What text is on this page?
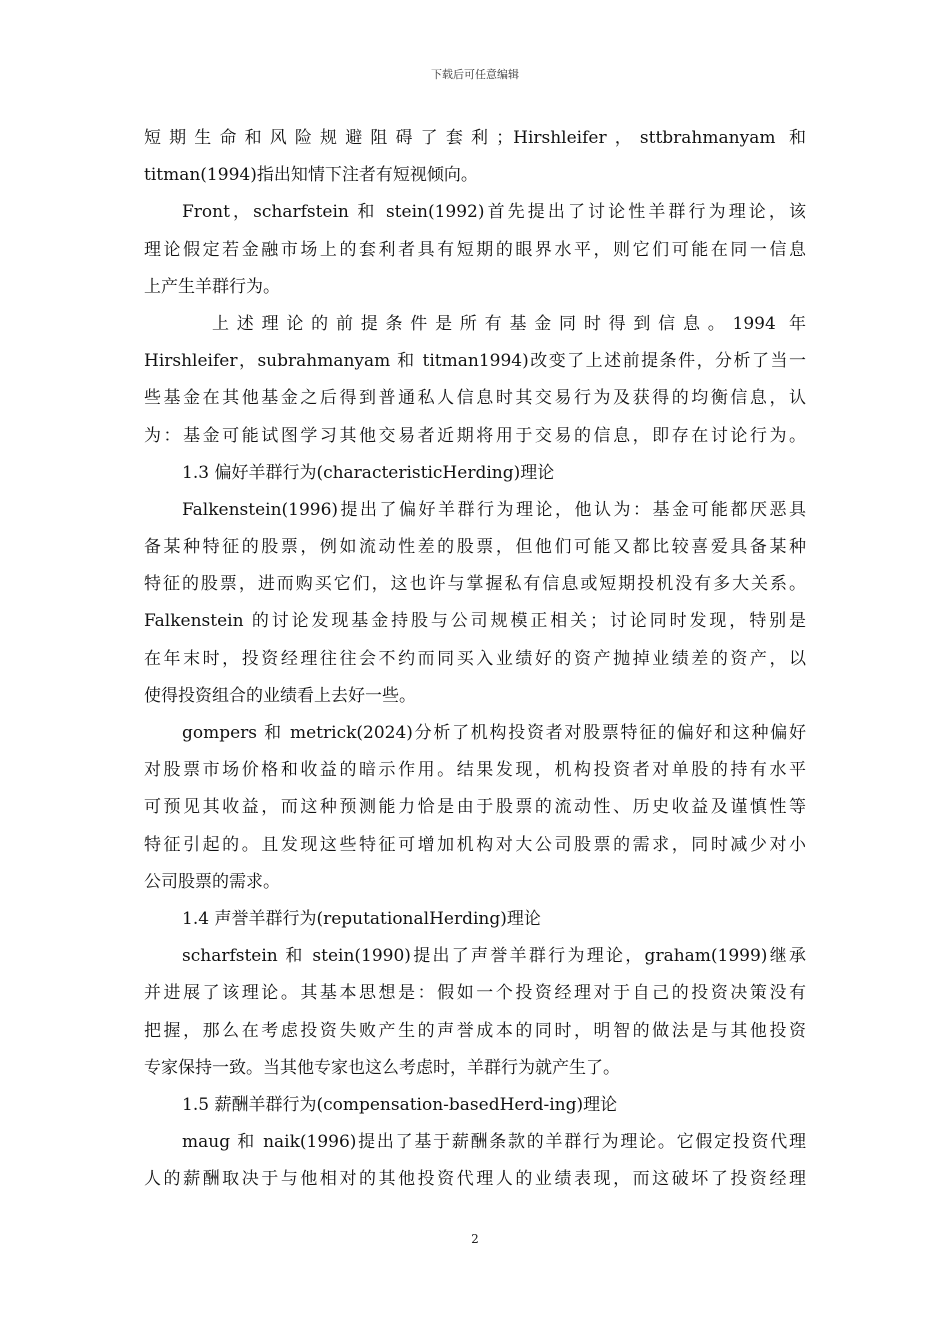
下载后可任意编辑
短期生命和风险规避阻碍了套利；Hirshleifer，sttbrahmanyam 和
titman(1994)指出知情下注者有短视倾向。
Front，scharfstein 和 stein(1992)首先提出了讨论性羊群行为理论，该
理论假定若金融市场上的套利者具有短期的眼界水平，则它们可能在同一信息
上产生羊群行为。
上述理论的前提条件是所有基金同时得到信息。1994 年
Hirshleifer，subrahmanyam 和 titman1994)改变了上述前提条件，分析了当一
些基金在其他基金之后得到普通私人信息时其交易行为及获得的均衡信息，认
为：基金可能试图学习其他交易者近期将用于交易的信息，即存在讨论行为。
1.3 偏好羊群行为(characteristicHerding)理论
Falkenstein(1996)提出了偏好羊群行为理论，他认为：基金可能都厌恶具
备某种特征的股票，例如流动性差的股票，但他们可能又都比较喜爱具备某种
特征的股票，进而购买它们，这也许与掌握私有信息或短期投机没有多大关系。
Falkenstein 的讨论发现基金持股与公司规模正相关；讨论同时发现，特别是
在年末时，投资经理往往会不约而同买入业绩好的资产抛掉业绩差的资产，以
使得投资组合的业绩看上去好一些。
gompers 和 metrick(2024)分析了机构投资者对股票特征的偏好和这种偏好
对股票市场价格和收益的暗示作用。结果发现，机构投资者对单股的持有水平
可预见其收益，而这种预测能力恰是由于股票的流动性、历史收益及谨慎性等
特征引起的。且发现这些特征可增加机构对大公司股票的需求，同时减少对小
公司股票的需求。
1.4 声誉羊群行为(reputationalHerding)理论
scharfstein 和 stein(1990)提出了声誉羊群行为理论，graham(1999)继承
并进展了该理论。其基本思想是：假如一个投资经理对于自己的投资决策没有
把握，那么在考虑投资失败产生的声誉成本的同时，明智的做法是与其他投资
专家保持一致。当其他专家也这么考虑时，羊群行为就产生了。
1.5 薪酬羊群行为(compensation-basedHerd-ing)理论
maug 和 naik(1996)提出了基于薪酬条款的羊群行为理论。它假定投资代理
人的薪酬取决于与他相对的其他投资代理人的业绩表现，而这破坏了投资经理
2
